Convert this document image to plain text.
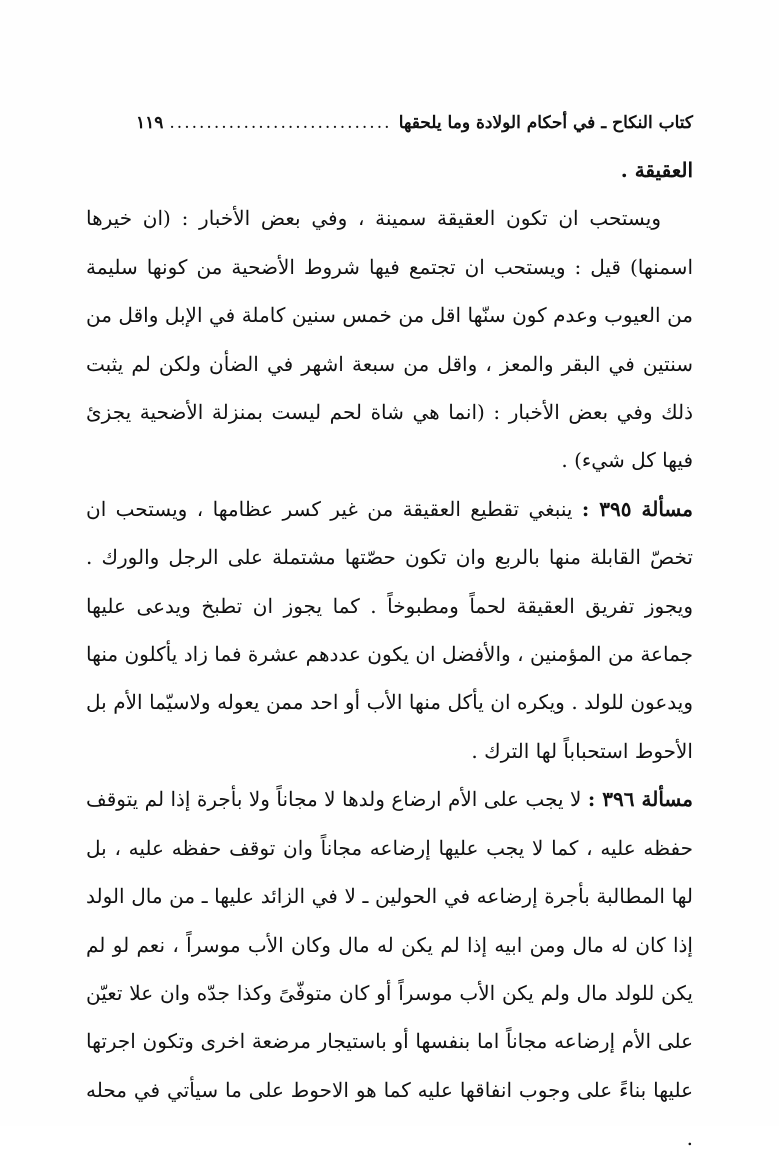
كتاب النكاح ـ في أحكام الولادة وما يلحقها
..............................
١١٩

العقيقة .

ويستحب ان تكون العقيقة سمينة ، وفي بعض الأخبار : (ان خيرها اسمنها) قيل : ويستحب ان تجتمع فيها شروط الأضحية من كونها سليمة من العيوب وعدم كون سنّها اقل من خمس سنين كاملة في الإبل واقل من سنتين في البقر والمعز ، واقل من سبعة اشهر في الضأن ولكن لم يثبت ذلك وفي بعض الأخبار : (انما هي شاة لحم ليست بمنزلة الأضحية يجزئ فيها كل شيء) .

مسألة ٣٩٥ : ينبغي تقطيع العقيقة من غير كسر عظامها ، ويستحب ان تخصّ القابلة منها بالربع وان تكون حصّتها مشتملة على الرجل والورك . ويجوز تفريق العقيقة لحماً ومطبوخاً . كما يجوز ان تطبخ ويدعى عليها جماعة من المؤمنين ، والأفضل ان يكون عددهم عشرة فما زاد يأكلون منها ويدعون للولد . ويكره ان يأكل منها الأب أو احد ممن يعوله ولاسيّما الأم بل الأحوط استحباباً لها الترك .

مسألة ٣٩٦ : لا يجب على الأم ارضاع ولدها لا مجاناً ولا بأجرة إذا لم يتوقف حفظه عليه ، كما لا يجب عليها إرضاعه مجاناً وان توقف حفظه عليه ، بل لها المطالبة بأجرة إرضاعه في الحولين ـ لا في الزائد عليها ـ من مال الولد إذا كان له مال ومن ابيه إذا لم يكن له مال وكان الأب موسراً ، نعم لو لم يكن للولد مال ولم يكن الأب موسراً أو كان متوفّىً وكذا جدّه وان علا تعيّن على الأم إرضاعه مجاناً اما بنفسها أو باستيجار مرضعة اخرى وتكون اجرتها عليها بناءً على وجوب انفاقها عليه كما هو الاحوط على ما سيأتي في محله .
